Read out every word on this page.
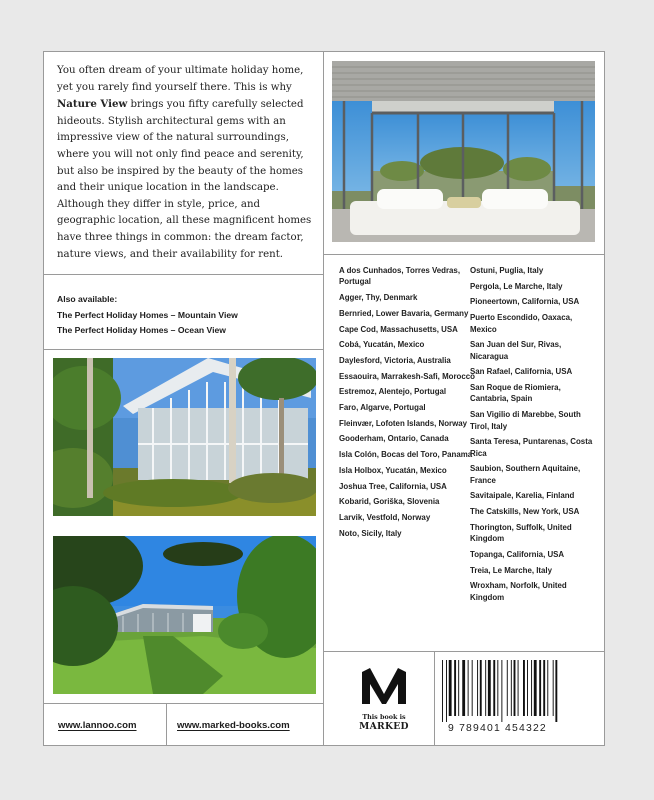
You often dream of your ultimate holiday home, yet you rarely find yourself there. This is why Nature View brings you fifty carefully selected hideouts. Stylish architectural gems with an impressive view of the natural surroundings, where you will not only find peace and serenity, but also be inspired by the beauty of the homes and their unique location in the landscape. Although they differ in style, price, and geographic location, all these magnificent homes have three things in common: the dream factor, nature views, and their availability for rent.

Also available:
The Perfect Holiday Homes – Mountain View
The Perfect Holiday Homes – Ocean View
A dos Cunhados, Torres Vedras, Portugal
Agger, Thy, Denmark
Bernried, Lower Bavaria, Germany
Cape Cod, Massachusetts, USA
Cobá, Yucatán, Mexico
Daylesford, Victoria, Australia
Essaouira, Marrakesh-Safi, Morocco
Estremoz, Alentejo, Portugal
Faro, Algarve, Portugal
Fleinvær, Lofoten Islands, Norway
Gooderham, Ontario, Canada
Isla Colón, Bocas del Toro, Panama
Isla Holbox, Yucatán, Mexico
Joshua Tree, California, USA
Kobarid, Goriška, Slovenia
Larvik, Vestfold, Norway
Noto, Sicily, Italy
Ostuni, Puglia, Italy
Pergola, Le Marche, Italy
Pioneertown, California, USA
Puerto Escondido, Oaxaca, Mexico
San Juan del Sur, Rivas, Nicaragua
San Rafael, California, USA
San Roque de Riomiera, Cantabria, Spain
San Vigilio di Marebbe, South Tirol, Italy
Santa Teresa, Puntarenas, Costa Rica
Saubion, Southern Aquitaine, France
Savitaipale, Karelia, Finland
The Catskills, New York, USA
Thorington, Suffolk, United Kingdom
Topanga, California, USA
Treia, Le Marche, Italy
Wroxham, Norfolk, United Kingdom
This book is
MARKED	9 789401 454322
www.lannoo.com	www.marked-books.com
